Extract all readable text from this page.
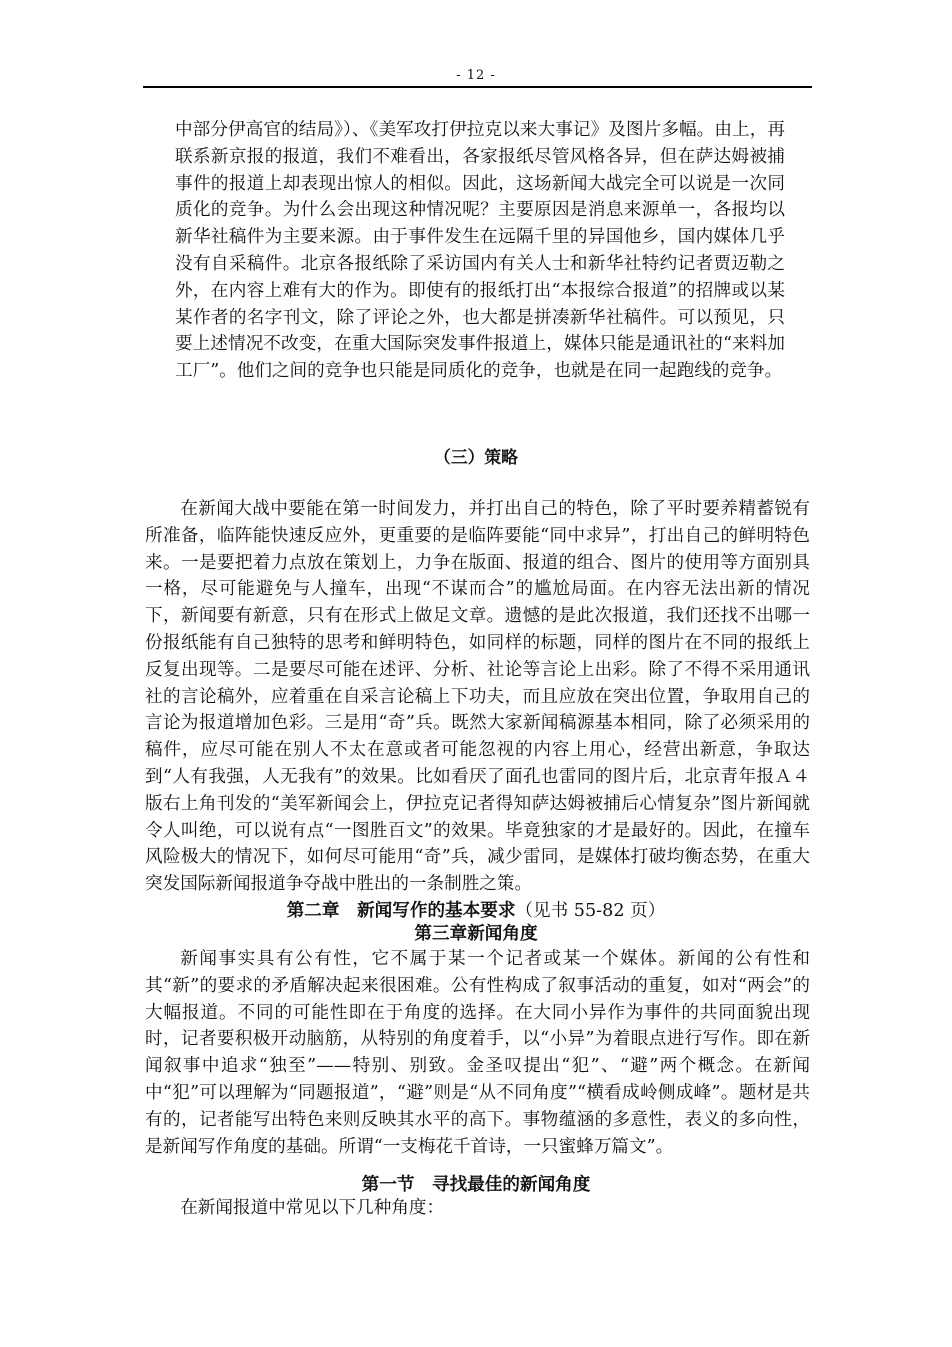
- 12 -

中部分伊高官的结局》）、《美军攻打伊拉克以来大事记》及图片多幅。由上，再联系新京报的报道，我们不难看出，各家报纸尽管风格各异，但在萨达姆被捕事件的报道上却表现出惊人的相似。因此，这场新闻大战完全可以说是一次同质化的竞争。为什么会出现这种情况呢？主要原因是消息来源单一，各报均以新华社稿件为主要来源。由于事件发生在远隔千里的异国他乡，国内媒体几乎没有自采稿件。北京各报纸除了采访国内有关人士和新华社特约记者贾迈勒之外，在内容上难有大的作为。即使有的报纸打出“本报综合报道”的招牌或以某某作者的名字刊文，除了评论之外，也大都是拼凑新华社稿件。可以预见，只要上述情况不改变，在重大国际突发事件报道上，媒体只能是通讯社的“来料加工厂”。他们之间的竞争也只能是同质化的竞争，也就是在同一起跑线的竞争。

（三）策略

在新闻大战中要能在第一时间发力，并打出自己的特色，除了平时要养精蓄锐有所准备，临阵能快速反应外，更重要的是临阵要能“同中求异”，打出自己的鲜明特色来。一是要把着力点放在策划上，力争在版面、报道的组合、图片的使用等方面别具一格，尽可能避免与人撞车，出现“不谋而合”的尴尬局面。在内容无法出新的情况下，新闻要有新意，只有在形式上做足文章。遗憾的是此次报道，我们还找不出哪一份报纸能有自己独特的思考和鲜明特色，如同样的标题，同样的图片在不同的报纸上反复出现等。二是要尽可能在述评、分析、社论等言论上出彩。除了不得不采用通讯社的言论稿外，应着重在自采言论稿上下功夫，而且应放在突出位置，争取用自己的言论为报道增加色彩。三是用“奇”兵。既然大家新闻稿源基本相同，除了必须采用的稿件，应尽可能在别人不太在意或者可能忽视的内容上用心，经营出新意，争取达到“人有我强，人无我有”的效果。比如看厌了面孔也雷同的图片后，北京青年报Ａ４版右上角刊发的“美军新闻会上，伊拉克记者得知萨达姆被捕后心情复杂”图片新闻就令人叫绝，可以说有点“一图胜百文”的效果。毕竟独家的才是最好的。因此，在撞车风险极大的情况下，如何尽可能用“奇”兵，减少雷同，是媒体打破均衡态势，在重大突发国际新闻报道争夺战中胜出的一条制胜之策。

第二章　新闻写作的基本要求（见书 55-82 页）
第三章新闻角度

新闻事实具有公有性，它不属于某一个记者或某一个媒体。新闻的公有性和其“新”的要求的矛盾解决起来很困难。公有性构成了叙事活动的重复，如对“两会”的大幅报道。不同的可能性即在于角度的选择。在大同小异作为事件的共同面貌出现时，记者要积极开动脑筋，从特别的角度着手，以“小异”为着眼点进行写作。即在新闻叙事中追求“独至”——特别、别致。金圣叹提出“犯”、“避”两个概念。在新闻中“犯”可以理解为“同题报道”，“避”则是“从不同角度”“横看成岭侧成峰”。题材是共有的，记者能写出特色来则反映其水平的高下。事物蕴涵的多意性，表义的多向性，是新闻写作角度的基础。所谓“一支梅花千首诗，一只蜜蜂万篇文”。

第一节　寻找最佳的新闻角度

在新闻报道中常见以下几种角度：
